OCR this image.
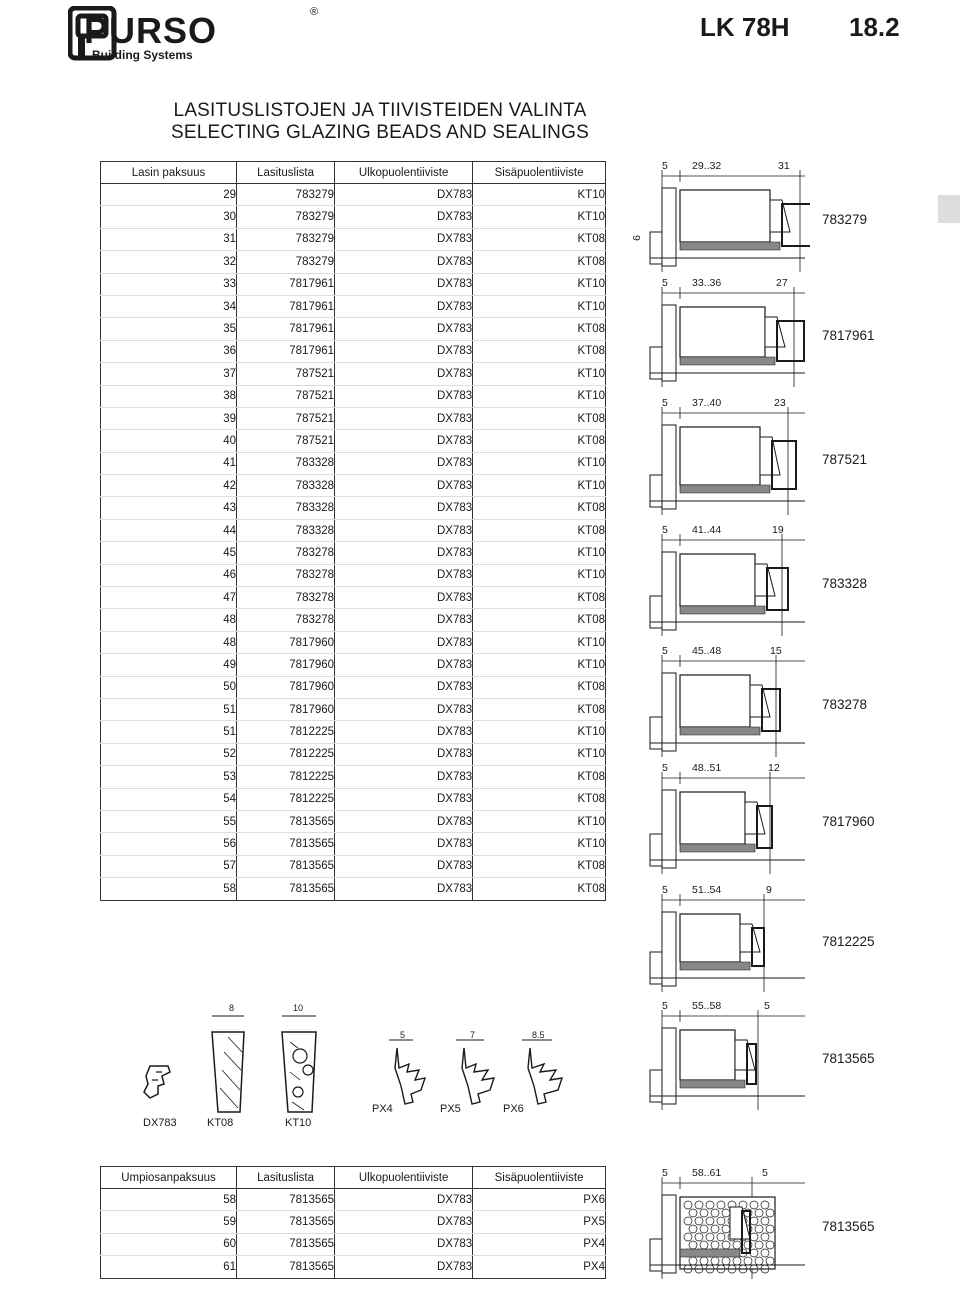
PURSO
Building Systems
®	LK 78H 18.2
LASITUSLISTOJEN JA TIIVISTEIDEN VALINTA
SELECTING GLAZING BEADS AND SEALINGS
Lasin paksuus	Lasituslista	Ulkopuolentiiviste	Sisäpuolentiiviste
29	783279	DX783	KT10
30	783279	DX783	KT10
31	783279	DX783	KT08
32	783279	DX783	KT08
33	7817961	DX783	KT10
34	7817961	DX783	KT10
35	7817961	DX783	KT08
36	7817961	DX783	KT08
37	787521	DX783	KT10
38	787521	DX783	KT10
39	787521	DX783	KT08
40	787521	DX783	KT08
41	783328	DX783	KT10
42	783328	DX783	KT10
43	783328	DX783	KT08
44	783328	DX783	KT08
45	783278	DX783	KT10
46	783278	DX783	KT10
47	783278	DX783	KT08
48	783278	DX783	KT08
48	7817960	DX783	KT10
49	7817960	DX783	KT10
50	7817960	DX783	KT08
51	7817960	DX783	KT08
51	7812225	DX783	KT10
52	7812225	DX783	KT10
53	7812225	DX783	KT08
54	7812225	DX783	KT08
55	7813565	DX783	KT10
56	7813565	DX783	KT10
57	7813565	DX783	KT08
58	7813565	DX783	KT08
Umpiosanpaksuus	Lasituslista	Ulkopuolentiiviste	Sisäpuolentiiviste
58	7813565	DX783	PX6
59	7813565	DX783	PX5
60	7813565	DX783	PX4
61	7813565	DX783	PX4
5 29..32	31
6
783279
5 33..36	27
7817961
5 37..40	23
787521
5 41..44	19
783328
5 45..48	15
783278
5 48..51	12
7817960
5 51..54	9
7812225
5 55..58	5
7813565
5 58..61	5
7813565
8	10
5	7	8.5
DX783	KT08	KT10
PX4	PX5	PX6
